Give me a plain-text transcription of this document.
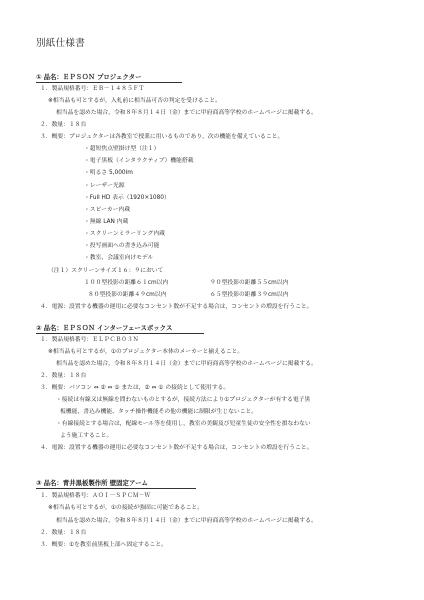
別紙仕様書
① 品名：ＥＰＳＯＮ プロジェクター
１．製品規格番号：ＥＢ－１４８５ＦＴ
※相当品も可とするが，入札前に相当品可否の判定を受けること。
相当品を認めた場合，令和８年８月１４日（金）までに甲府商高等学校のホームページに掲載する。
２．数量：１８台
３．概要：プロジェクターは各教室で授業に用いるものであり，次の機能を備えていること。
・超短焦点壁掛け型（注１）
・電子黒板（インタラクティブ）機能搭載
・明るさ 5,000lm
・レーザー光源
・Full HD 表示（1920×1080）
・スピーカー内蔵
・無線 LAN 内蔵
・スクリーンミラーリング内蔵
・投写画面への書き込み可能
・教室、会議室向けモデル
（注１）スクリーンサイズ１６：９において
１００型投影の距離６１cm以内	９０型投影の距離５５cm以内
８０型投影の距離４９cm以内	６５型投影の距離３９cm以内
４．電源：設置する機器の運用に必要なコンセント数が不足する場合は，コンセントの増設を行うこと。
② 品名：ＥＰＳＯＮ インターフェースボックス
１．製品規格番号：ＥＬＰＣＢ０３Ｎ
※相当品も可とするが，①のプロジェクター本体のメーカーと揃えること。
相当品を認めた場合，令和８年８月１４日（金）までに甲府商高等学校のホームページに掲載する。
２．数量：１８台
３．概要：パソコン ⇔ ② ⇔ ① または，② ⇔ ① の接続として使用する。
・接続は有線又は無線を問わないものとするが，接続方法により①プロジェクターが有する電子黒
板機能、書込み機能、タッチ操作機能その他の機能に制限が生じないこと。
・有線接続とする場合は，配線モール等を使用し，教室の美観及び児童生徒の安全性を損なわない
よう施工すること。
４．電源：設置する機器の運用に必要なコンセント数が不足する場合は，コンセントの増設を行うこと。
③ 品名：青井黒板製作所 壁固定アーム
１．製品規格番号：ＡＯＩ－ＳＰＣＭ－Ｗ
※相当品も可とするが，①の接続が強固に可能であること。
相当品を認めた場合，令和８年８月１４日（金）までに甲府商高等学校のホームページに掲載する。
２．数量：１８台
３．概要：①を教室前黒板上部へ固定すること。
